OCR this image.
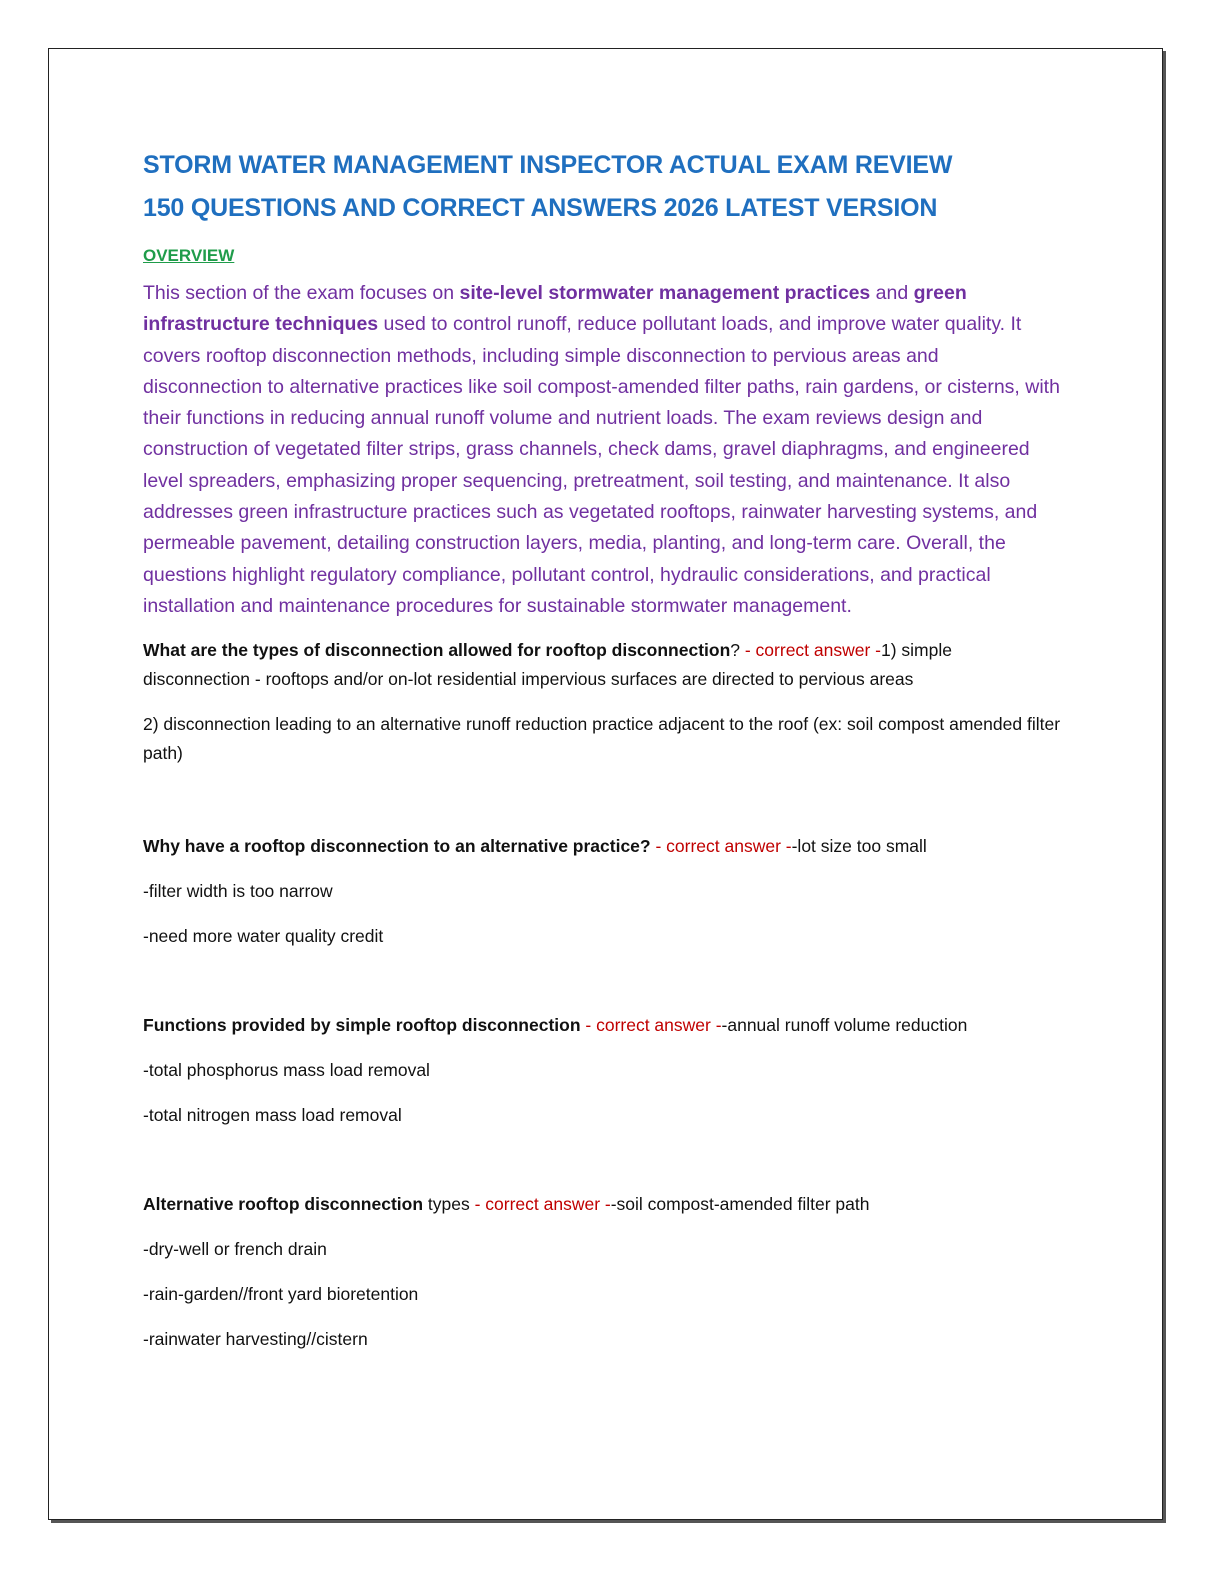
STORM WATER MANAGEMENT INSPECTOR ACTUAL EXAM REVIEW
150 QUESTIONS AND CORRECT ANSWERS 2026 LATEST VERSION
OVERVIEW

This section of the exam focuses on site-level stormwater management practices and green infrastructure techniques used to control runoff, reduce pollutant loads, and improve water quality. It covers rooftop disconnection methods, including simple disconnection to pervious areas and disconnection to alternative practices like soil compost-amended filter paths, rain gardens, or cisterns, with their functions in reducing annual runoff volume and nutrient loads. The exam reviews design and construction of vegetated filter strips, grass channels, check dams, gravel diaphragms, and engineered level spreaders, emphasizing proper sequencing, pretreatment, soil testing, and maintenance. It also addresses green infrastructure practices such as vegetated rooftops, rainwater harvesting systems, and permeable pavement, detailing construction layers, media, planting, and long-term care. Overall, the questions highlight regulatory compliance, pollutant control, hydraulic considerations, and practical installation and maintenance procedures for sustainable stormwater management.

What are the types of disconnection allowed for rooftop disconnection? - correct answer -1) simple disconnection - rooftops and/or on-lot residential impervious surfaces are directed to pervious areas

2) disconnection leading to an alternative runoff reduction practice adjacent to the roof (ex: soil compost amended filter path)

Why have a rooftop disconnection to an alternative practice? - correct answer --lot size too small

-filter width is too narrow

-need more water quality credit

Functions provided by simple rooftop disconnection - correct answer --annual runoff volume reduction

-total phosphorus mass load removal

-total nitrogen mass load removal

Alternative rooftop disconnection types - correct answer --soil compost-amended filter path

-dry-well or french drain

-rain-garden//front yard bioretention

-rainwater harvesting//cistern
